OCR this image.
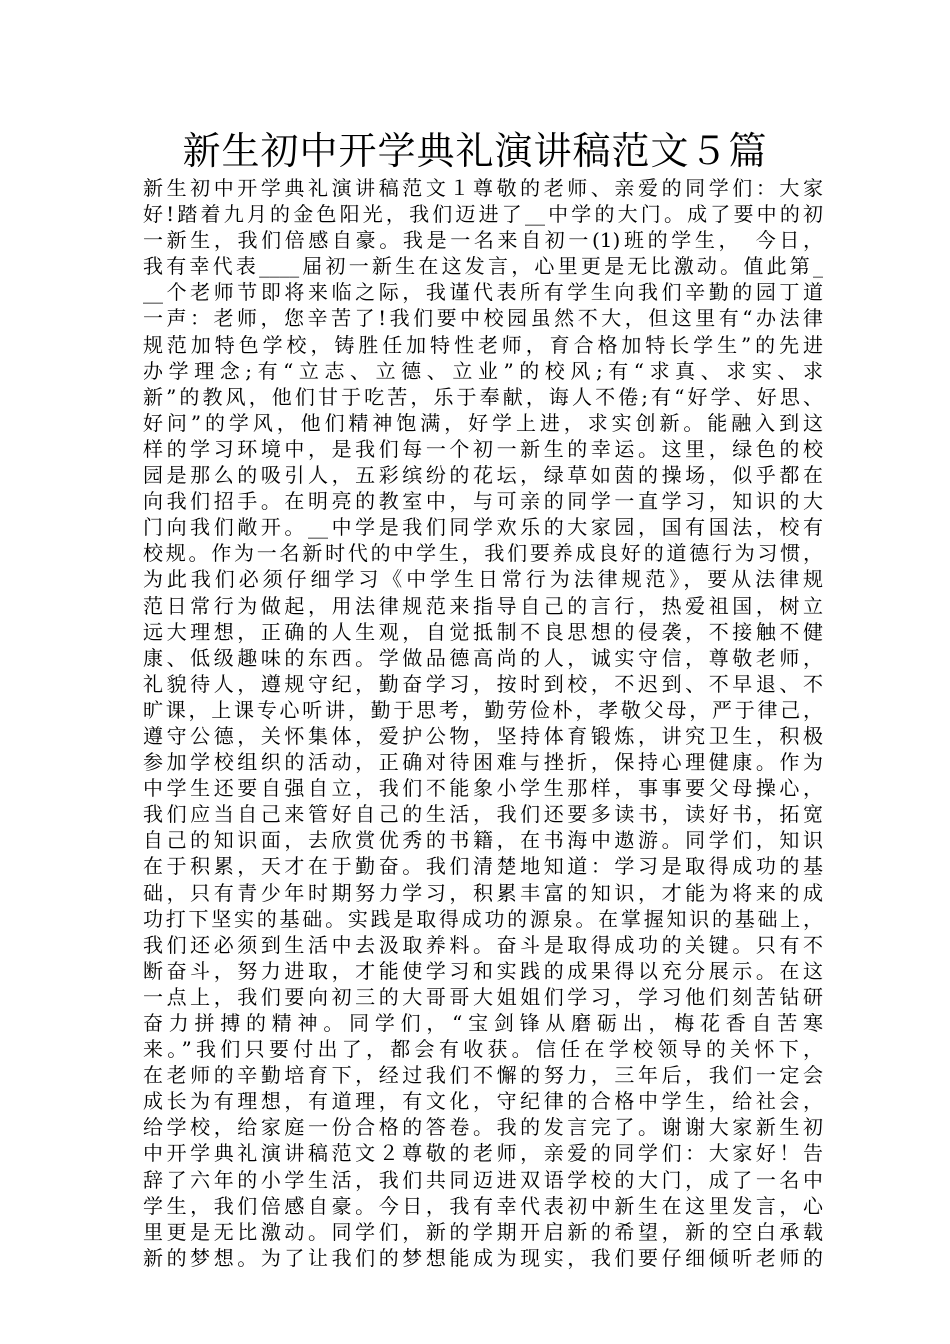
新生初中开学典礼演讲稿范文５篇
新生初中开学典礼演讲稿范文１尊敬的老师、亲爱的同学们：大家
好!踏着九月的金色阳光，我们迈进了__中学的大门。成了要中的初
一新生，我们倍感自豪。我是一名来自初一(1)班的学生，　今日，
我有幸代表____届初一新生在这发言，心里更是无比激动。值此第_
__个老师节即将来临之际，我谨代表所有学生向我们辛勤的园丁道
一声：老师，您辛苦了!我们要中校园虽然不大，但这里有“办法律
规范加特色学校，铸胜任加特性老师，育合格加特长学生”的先进
办学理念;有“立志、立德、立业”的校风;有“求真、求实、求
新”的教风，他们甘于吃苦，乐于奉献，诲人不倦;有“好学、好思、
好问”的学风，他们精神饱满，好学上进，求实创新。能融入到这
样的学习环境中，是我们每一个初一新生的幸运。这里，绿色的校
园是那么的吸引人，五彩缤纷的花坛，绿草如茵的操场，似乎都在
向我们招手。在明亮的教室中，与可亲的同学一直学习，知识的大
门向我们敞开。__中学是我们同学欢乐的大家园，国有国法，校有
校规。作为一名新时代的中学生，我们要养成良好的道德行为习惯，
为此我们必须仔细学习《中学生日常行为法律规范》，要从法律规
范日常行为做起，用法律规范来指导自己的言行，热爱祖国，树立
远大理想，正确的人生观，自觉抵制不良思想的侵袭，不接触不健
康、低级趣味的东西。学做品德高尚的人，诚实守信，尊敬老师，
礼貌待人，遵规守纪，勤奋学习，按时到校，不迟到、不早退、不
旷课，上课专心听讲，勤于思考，勤劳俭朴，孝敬父母，严于律己，
遵守公德，关怀集体，爱护公物，坚持体育锻炼，讲究卫生，积极
参加学校组织的活动，正确对待困难与挫折，保持心理健康。作为
中学生还要自强自立，我们不能象小学生那样，事事要父母操心，
我们应当自己来管好自己的生活，我们还要多读书，读好书，拓宽
自己的知识面，去欣赏优秀的书籍，在书海中遨游。同学们，知识
在于积累，天才在于勤奋。我们清楚地知道：学习是取得成功的基
础，只有青少年时期努力学习，积累丰富的知识，才能为将来的成
功打下坚实的基础。实践是取得成功的源泉。在掌握知识的基础上，
我们还必须到生活中去汲取养料。奋斗是取得成功的关键。只有不
断奋斗，努力进取，才能使学习和实践的成果得以充分展示。在这
一点上，我们要向初三的大哥哥大姐姐们学习，学习他们刻苦钻研
奋力拼搏的精神。同学们，“宝剑锋从磨砺出，梅花香自苦寒
来。”我们只要付出了，都会有收获。信任在学校领导的关怀下，
在老师的辛勤培育下，经过我们不懈的努力，三年后，我们一定会
成长为有理想，有道理，有文化，守纪律的合格中学生，给社会，
给学校，给家庭一份合格的答卷。我的发言完了。谢谢大家新生初
中开学典礼演讲稿范文２尊敬的老师，亲爱的同学们：大家好！告
辞了六年的小学生活，我们共同迈进双语学校的大门，成了一名中
学生，我们倍感自豪。今日，我有幸代表初中新生在这里发言，心
里更是无比激动。同学们，新的学期开启新的希望，新的空白承载
新的梦想。为了让我们的梦想能成为现实，我们要仔细倾听老师的
